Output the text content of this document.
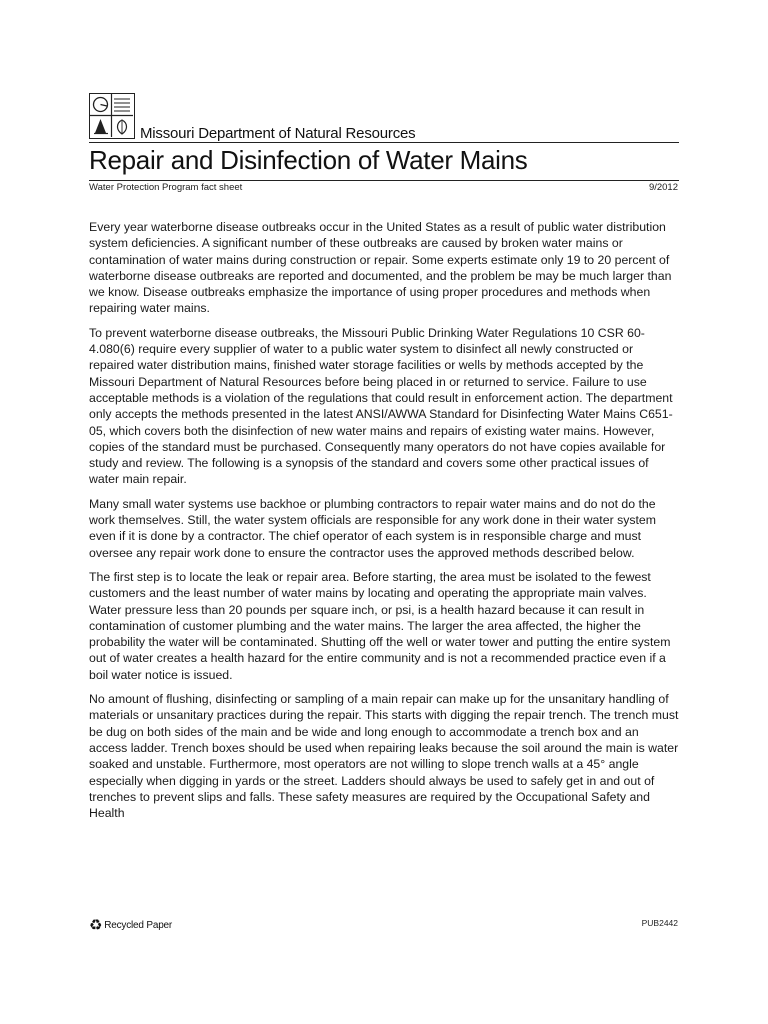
Missouri Department of Natural Resources
Repair and Disinfection of Water Mains
Water Protection Program fact sheet	9/2012

Every year waterborne disease outbreaks occur in the United States as a result of public water distribution system deficiencies. A significant number of these outbreaks are caused by broken water mains or contamination of water mains during construction or repair. Some experts estimate only 19 to 20 percent of waterborne disease outbreaks are reported and documented, and the problem be may be much larger than we know. Disease outbreaks emphasize the importance of using proper procedures and methods when repairing water mains.

To prevent waterborne disease outbreaks, the Missouri Public Drinking Water Regulations 10 CSR 60-4.080(6) require every supplier of water to a public water system to disinfect all newly constructed or repaired water distribution mains, finished water storage facilities or wells by methods accepted by the Missouri Department of Natural Resources before being placed in or returned to service. Failure to use acceptable methods is a violation of the regulations that could result in enforcement action. The department only accepts the methods presented in the latest ANSI/AWWA Standard for Disinfecting Water Mains C651-05, which covers both the disinfection of new water mains and repairs of existing water mains. However, copies of the standard must be purchased. Consequently many operators do not have copies available for study and review. The following is a synopsis of the standard and covers some other practical issues of water main repair.

Many small water systems use backhoe or plumbing contractors to repair water mains and do not do the work themselves. Still, the water system officials are responsible for any work done in their water system even if it is done by a contractor. The chief operator of each system is in responsible charge and must oversee any repair work done to ensure the contractor uses the approved methods described below.

The first step is to locate the leak or repair area. Before starting, the area must be isolated to the fewest customers and the least number of water mains by locating and operating the appropriate main valves. Water pressure less than 20 pounds per square inch, or psi, is a health hazard because it can result in contamination of customer plumbing and the water mains. The larger the area affected, the higher the probability the water will be contaminated. Shutting off the well or water tower and putting the entire system out of water creates a health hazard for the entire community and is not a recommended practice even if a boil water notice is issued.

No amount of flushing, disinfecting or sampling of a main repair can make up for the unsanitary handling of materials or unsanitary practices during the repair. This starts with digging the repair trench. The trench must be dug on both sides of the main and be wide and long enough to accommodate a trench box and an access ladder. Trench boxes should be used when repairing leaks because the soil around the main is water soaked and unstable. Furthermore, most operators are not willing to slope trench walls at a 45° angle especially when digging in yards or the street. Ladders should always be used to safely get in and out of trenches to prevent slips and falls. These safety measures are required by the Occupational Safety and Health

♻ Recycled Paper	PUB2442
